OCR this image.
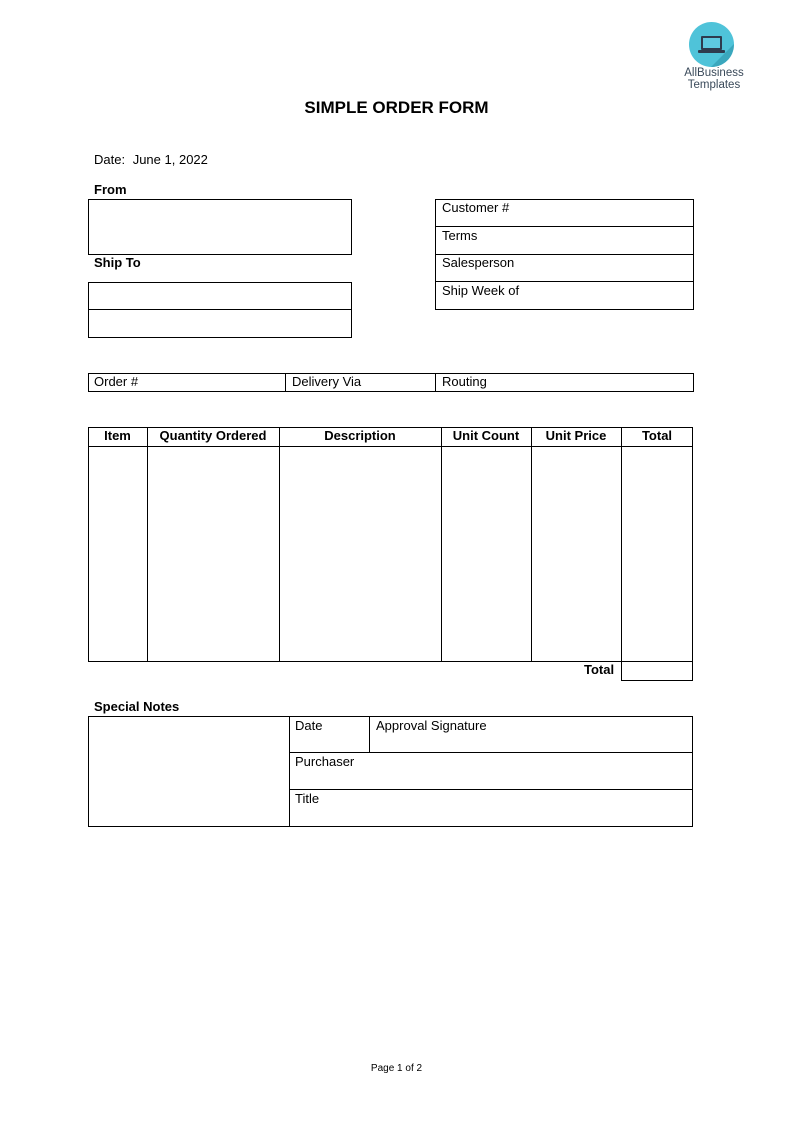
AllBusiness
Templates
SIMPLE ORDER FORM
Date: June 1, 2022
From
Ship To
Customer #
Terms
Salesperson
Ship Week of
Order #	Delivery Via	Routing
Item	Quantity Ordered	Description	Unit Count	Unit Price	Total
Total
Special Notes
Date	Approval Signature
Purchaser
Title
Page 1 of 2
